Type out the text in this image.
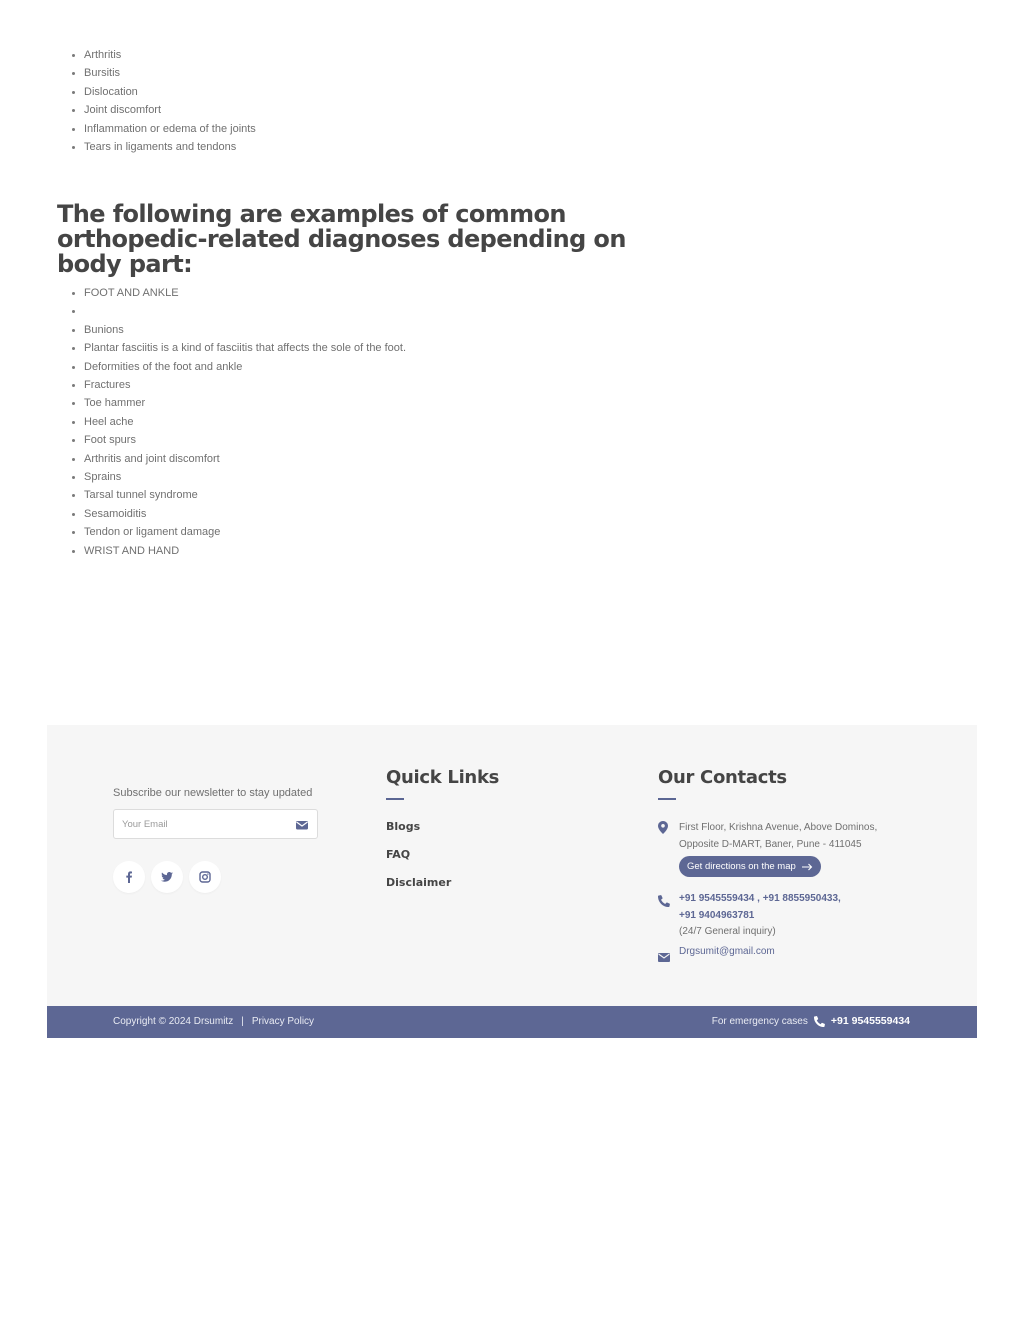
• Arthritis
• Bursitis
• Dislocation
• Joint discomfort
• Inflammation or edema of the joints
• Tears in ligaments and tendons
The following are examples of common orthopedic-related diagnoses depending on body part:
• FOOT AND ANKLE
•
• Bunions
• Plantar fasciitis is a kind of fasciitis that affects the sole of the foot.
• Deformities of the foot and ankle
• Fractures
• Toe hammer
• Heel ache
• Foot spurs
• Arthritis and joint discomfort
• Sprains
• Tarsal tunnel syndrome
• Sesamoiditis
• Tendon or ligament damage
• WRIST AND HAND
Subscribe our newsletter to stay updated
Your Email
Quick Links
Blogs
FAQ
Disclaimer
Our Contacts
First Floor, Krishna Avenue, Above Dominos,
Opposite D-MART, Baner, Pune - 411045
Get directions on the map
+91 9545559434 , +91 8855950433,
+91 9404963781
(24/7 General inquiry)
Drgsumit@gmail.com
Copyright © 2024 Drsumitz | Privacy Policy	For emergency cases +91 9545559434
